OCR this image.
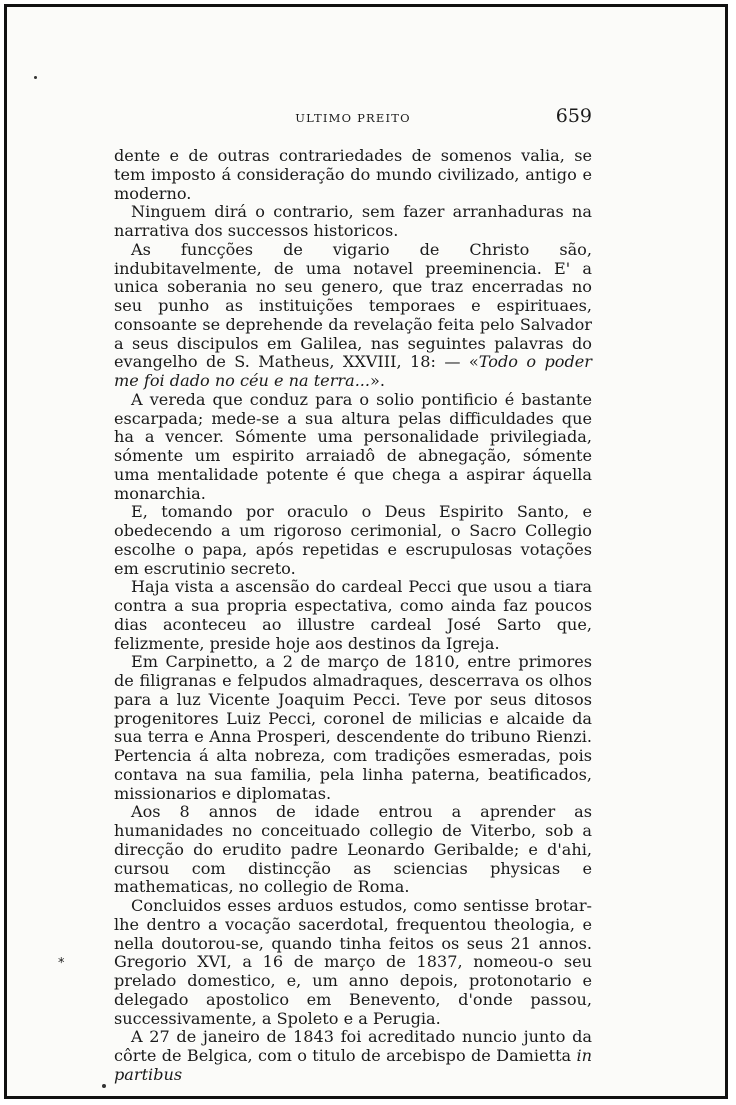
ULTIMO PREITO	659

dente e de outras contrariedades de somenos valia, se tem imposto á consideração do mundo civilizado, antigo e moderno.

Ninguem dirá o contrario, sem fazer arranhaduras na narrativa dos successos historicos.

As funcções de vigario de Christo são, indubitavelmente, de uma notavel preeminencia. E' a unica soberania no seu genero, que traz encerradas no seu punho as instituições temporaes e espirituaes, consoante se deprehende da revelação feita pelo Salvador a seus discipulos em Galilea, nas seguintes palavras do evangelho de S. Matheus, XXVIII, 18: — «Todo o poder me foi dado no céu e na terra...».

A vereda que conduz para o solio pontificio é bastante escarpada; mede-se a sua altura pelas difficuldades que ha a vencer. Sómente uma personalidade privilegiada, sómente um espirito arraiadô de abnegação, sómente uma mentalidade potente é que chega a aspirar áquella monarchia.

E, tomando por oraculo o Deus Espirito Santo, e obedecendo a um rigoroso cerimonial, o Sacro Collegio escolhe o papa, após repetidas e escrupulosas votações em escrutinio secreto.

Haja vista a ascensão do cardeal Pecci que usou a tiara contra a sua propria espectativa, como ainda faz poucos dias aconteceu ao illustre cardeal José Sarto que, felizmente, preside hoje aos destinos da Igreja.

Em Carpinetto, a 2 de março de 1810, entre primores de filigranas e felpudos almadraques, descerrava os olhos para a luz Vicente Joaquim Pecci. Teve por seus ditosos progenitores Luiz Pecci, coronel de milicias e alcaide da sua terra e Anna Prosperi, descendente do tribuno Rienzi. Pertencia á alta nobreza, com tradições esmeradas, pois contava na sua familia, pela linha paterna, beatificados, missionarios e diplomatas.

Aos 8 annos de idade entrou a aprender as humanidades no conceituado collegio de Viterbo, sob a direcção do erudito padre Leonardo Geribalde; e d'ahi, cursou com distincção as sciencias physicas e mathematicas, no collegio de Roma.

Concluidos esses arduos estudos, como sentisse brotar-lhe dentro a vocação sacerdotal, frequentou theologia, e nella doutorou-se, quando tinha feitos os seus 21 annos. Gregorio XVI, a 16 de março de 1837, nomeou-o seu prelado domestico, e, um anno depois, protonotario e delegado apostolico em Benevento, d'onde passou, successivamente, a Spoleto e a Perugia.

A 27 de janeiro de 1843 foi acreditado nuncio junto da côrte de Belgica, com o titulo de arcebispo de Damietta in partibus

*
